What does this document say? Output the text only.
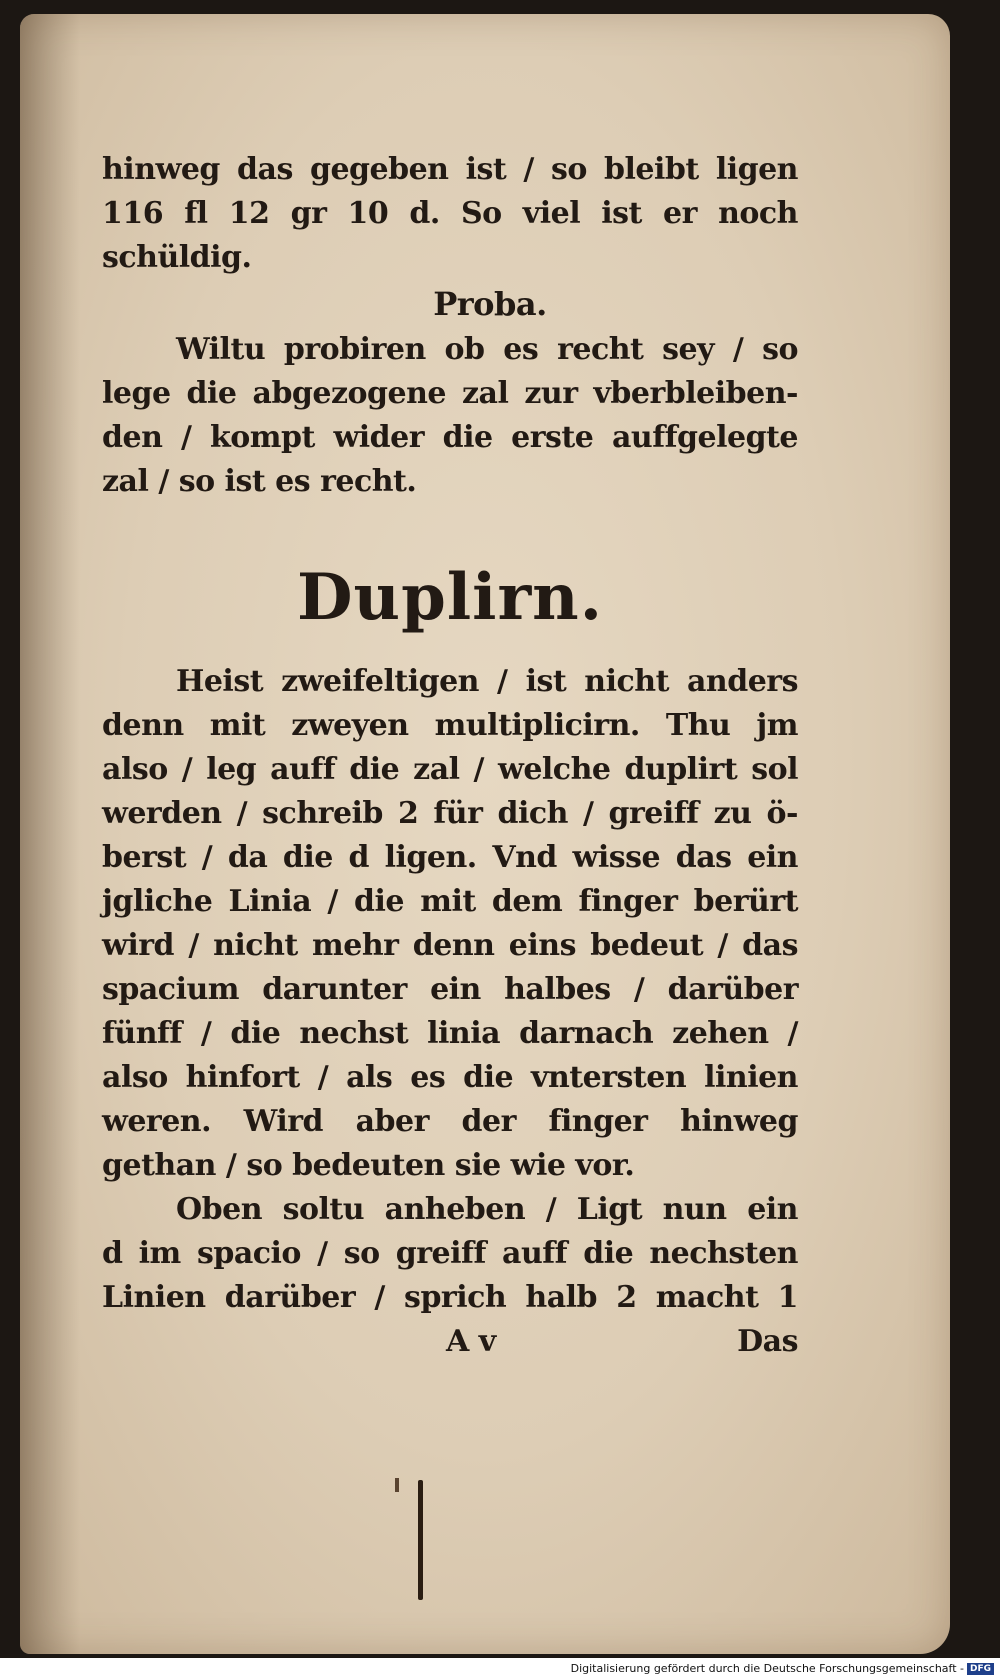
hinweg das gegeben ist / so bleibt ligen
116 fl 12 gr 10 d. So viel ist er noch
schüldig.
Proba.
Wiltu probiren ob es recht sey / so
lege die abgezogene zal zur vberbleiben-
den / kompt wider die erste auffgelegte
zal / so ist es recht.
Duplirn.
Heist zweifeltigen / ist nicht anders
denn mit zweyen multiplicirn. Thu jm
also / leg auff die zal / welche duplirt sol
werden / schreib 2 für dich / greiff zu ö-
berst / da die d ligen. Vnd wisse das ein
jgliche Linia / die mit dem finger berürt
wird / nicht mehr denn eins bedeut / das
spacium darunter ein halbes / darüber
fünff / die nechst linia darnach zehen /
also hinfort / als es die vntersten linien
weren. Wird aber der finger hinweg
gethan / so bedeuten sie wie vor.
Oben soltu anheben / Ligt nun ein
d im spacio / so greiff auff die nechsten
Linien darüber / sprich halb 2 macht 1
A v	Das
Digitalisierung gefördert durch die Deutsche Forschungsgemeinschaft - DFG
